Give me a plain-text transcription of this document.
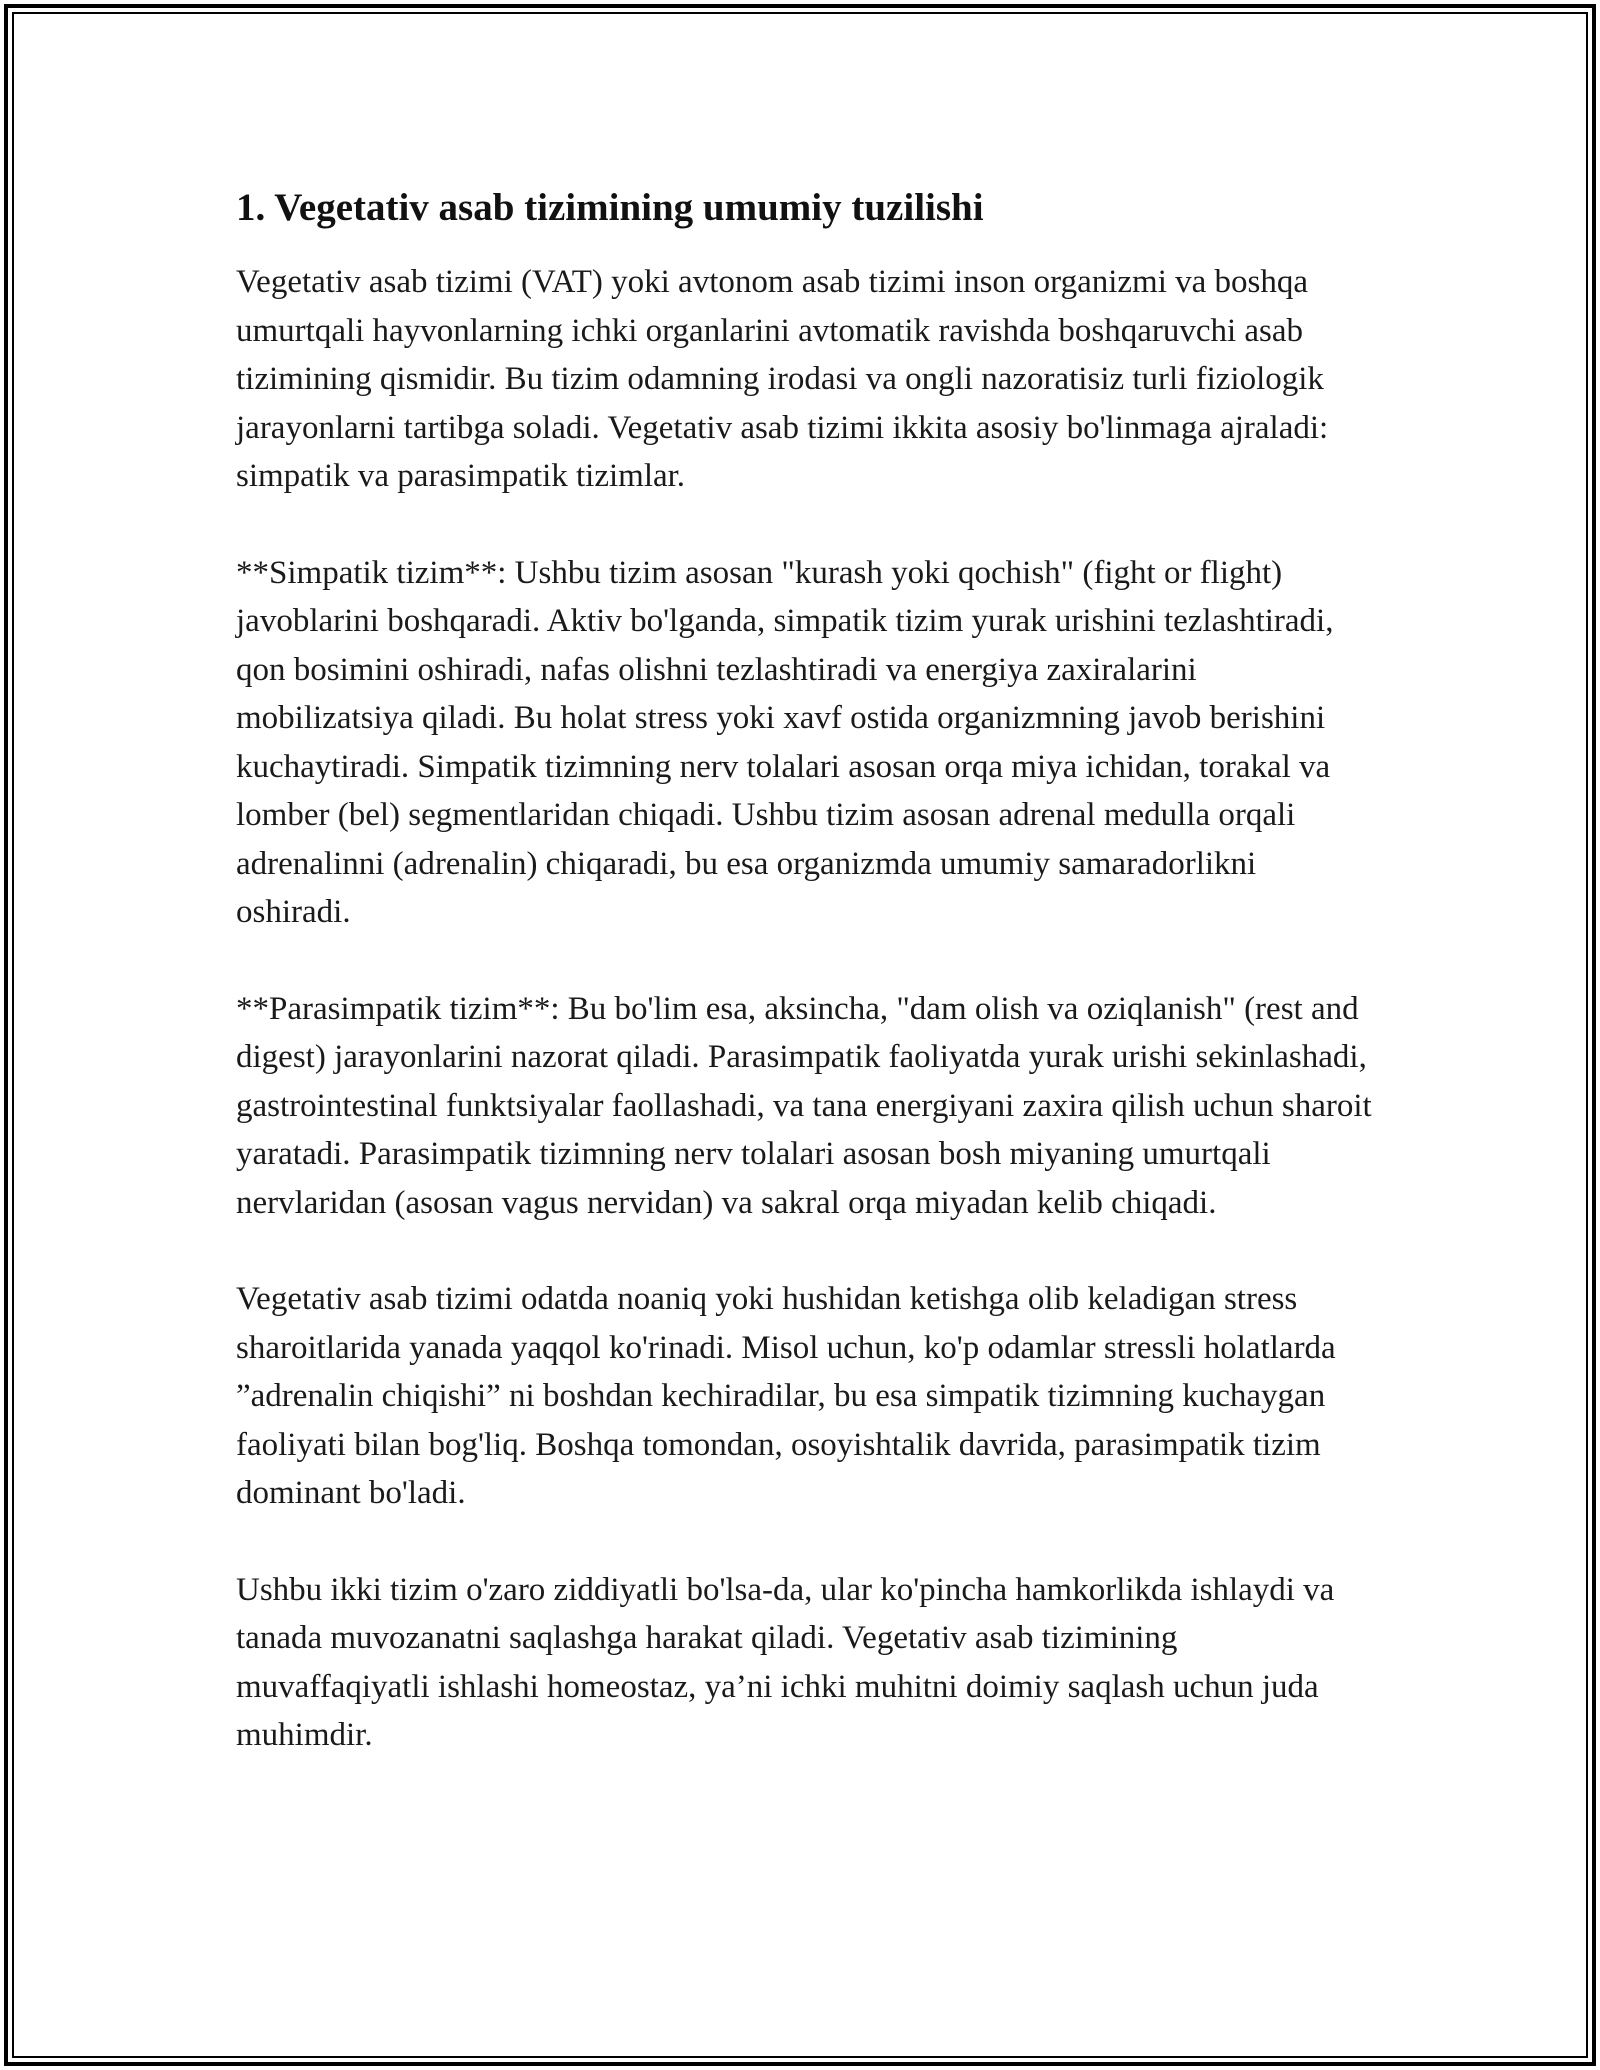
1. Vegetativ asab tizimining umumiy tuzilishi

Vegetativ asab tizimi (VAT) yoki avtonom asab tizimi inson organizmi va boshqa umurtqali hayvonlarning ichki organlarini avtomatik ravishda boshqaruvchi asab tizimining qismidir. Bu tizim odamning irodasi va ongli nazoratisiz turli fiziologik jarayonlarni tartibga soladi. Vegetativ asab tizimi ikkita asosiy bo'linmaga ajraladi: simpatik va parasimpatik tizimlar.

**Simpatik tizim**: Ushbu tizim asosan "kurash yoki qochish" (fight or flight) javoblarini boshqaradi. Aktiv bo'lganda, simpatik tizim yurak urishini tezlashtiradi, qon bosimini oshiradi, nafas olishni tezlashtiradi va energiya zaxiralarini mobilizatsiya qiladi. Bu holat stress yoki xavf ostida organizmning javob berishini kuchaytiradi. Simpatik tizimning nerv tolalari asosan orqa miya ichidan, torakal va lomber (bel) segmentlaridan chiqadi. Ushbu tizim asosan adrenal medulla orqali adrenalinni (adrenalin) chiqaradi, bu esa organizmda umumiy samaradorlikni oshiradi.

**Parasimpatik tizim**: Bu bo'lim esa, aksincha, "dam olish va oziqlanish" (rest and digest) jarayonlarini nazorat qiladi. Parasimpatik faoliyatda yurak urishi sekinlashadi, gastrointestinal funktsiyalar faollashadi, va tana energiyani zaxira qilish uchun sharoit yaratadi. Parasimpatik tizimning nerv tolalari asosan bosh miyaning umurtqali nervlaridan (asosan vagus nervidan) va sakral orqa miyadan kelib chiqadi.

Vegetativ asab tizimi odatda noaniq yoki hushidan ketishga olib keladigan stress sharoitlarida yanada yaqqol ko'rinadi. Misol uchun, ko'p odamlar stressli holatlarda ”adrenalin chiqishi” ni boshdan kechiradilar, bu esa simpatik tizimning kuchaygan faoliyati bilan bog'liq. Boshqa tomondan, osoyishtalik davrida, parasimpatik tizim dominant bo'ladi.

Ushbu ikki tizim o'zaro ziddiyatli bo'lsa-da, ular ko'pincha hamkorlikda ishlaydi va tanada muvozanatni saqlashga harakat qiladi. Vegetativ asab tizimining muvaffaqiyatli ishlashi homeostaz, ya’ni ichki muhitni doimiy saqlash uchun juda muhimdir.
